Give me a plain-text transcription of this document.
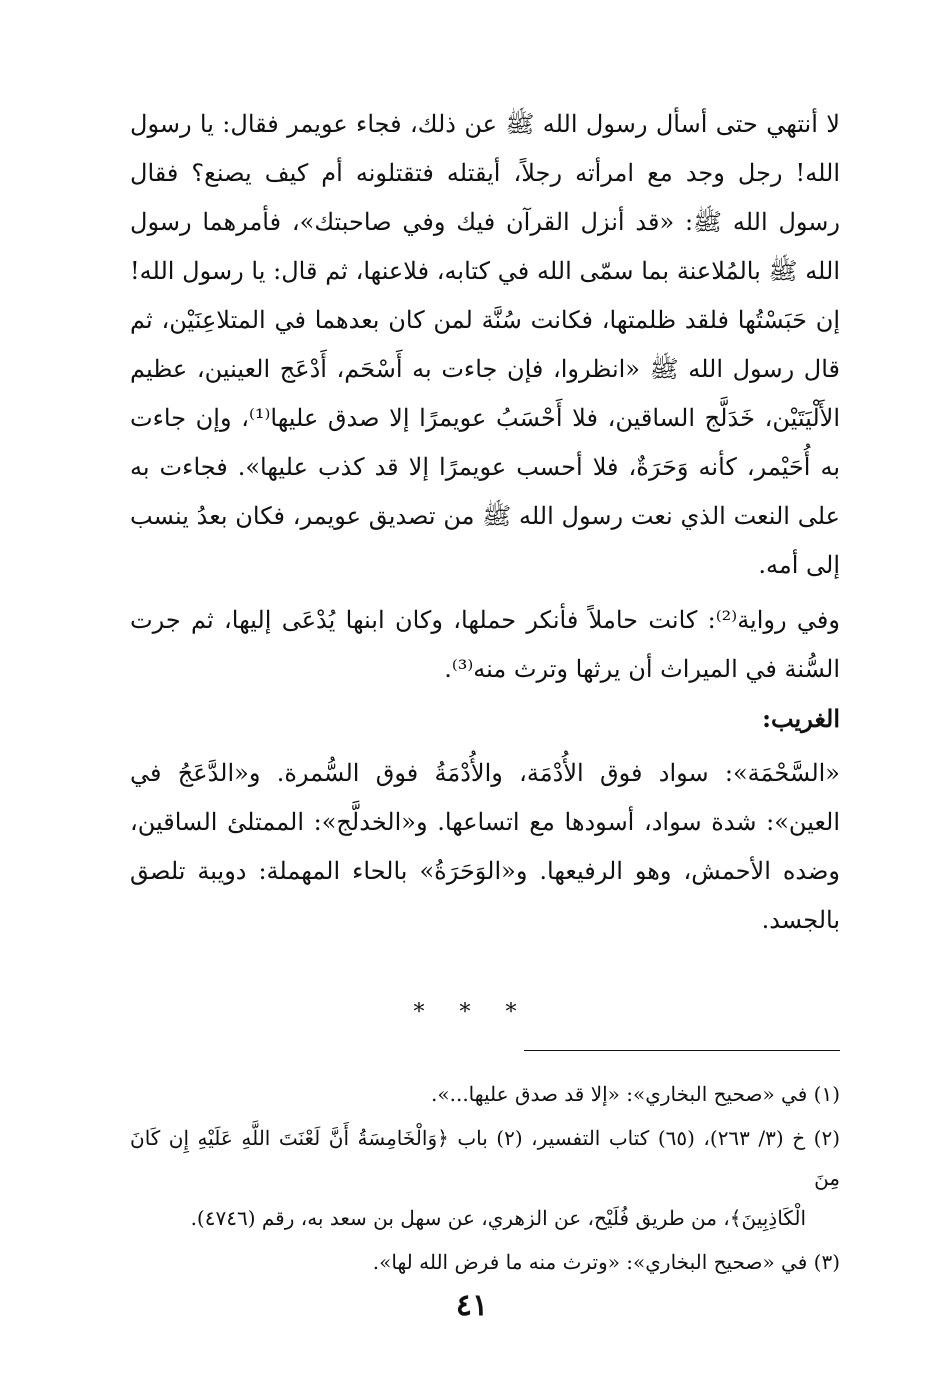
لا أنتهي حتى أسأل رسول الله ﷺ عن ذلك، فجاء عويمر فقال: يا رسول الله! رجل وجد مع امرأته رجلاً، أيقتله فتقتلونه أم كيف يصنع؟ فقال رسول الله ﷺ: «قد أنزل القرآن فيك وفي صاحبتك»، فأمرهما رسول الله ﷺ بالمُلاعنة بما سمّى الله في كتابه، فلاعنها، ثم قال: يا رسول الله! إن حَبَسْتُها فلقد ظلمتها، فكانت سُنَّة لمن كان بعدهما في المتلاعِنَيْن، ثم قال رسول الله ﷺ «انظروا، فإن جاءت به أَسْحَم، أَدْعَج العينين، عظيم الأَلْيَتَيْن، خَدَلَّج الساقين، فلا أَحْسَبُ عويمرًا إلا صدق عليها⁽¹⁾، وإن جاءت به أُحَيْمر، كأنه وَحَرَةٌ، فلا أحسب عويمرًا إلا قد كذب عليها». فجاءت به على النعت الذي نعت رسول الله ﷺ من تصديق عويمر، فكان بعدُ ينسب إلى أمه.

وفي رواية⁽²⁾: كانت حاملاً فأنكر حملها، وكان ابنها يُدْعَى إليها، ثم جرت السُّنة في الميراث أن يرثها وترث منه⁽³⁾.

الغريب:

«السَّحْمَة»: سواد فوق الأُدْمَة، والأُدْمَةُ فوق السُّمرة. و«الدَّعَجُ في العين»: شدة سواد، أسودها مع اتساعها. و«الخدلَّج»: الممتلئ الساقين، وضده الأحمش، وهو الرفيعها. و«الوَحَرَةُ» بالحاء المهملة: دويبة تلصق بالجسد.

* * *

(١) في «صحيح البخاري»: «إلا قد صدق عليها...».

(٢) خ (٣/ ٢٦٣)، (٦٥) كتاب التفسير، (٢) باب ﴿وَالْخَامِسَةُ أَنَّ لَعْنَتَ اللَّهِ عَلَيْهِ إِن كَانَ مِنَ
الْكَاذِبِينَ﴾، من طريق فُلَيْح، عن الزهري، عن سهل بن سعد به، رقم (٤٧٤٦).

(٣) في «صحيح البخاري»: «وترث منه ما فرض الله لها».

٤١
